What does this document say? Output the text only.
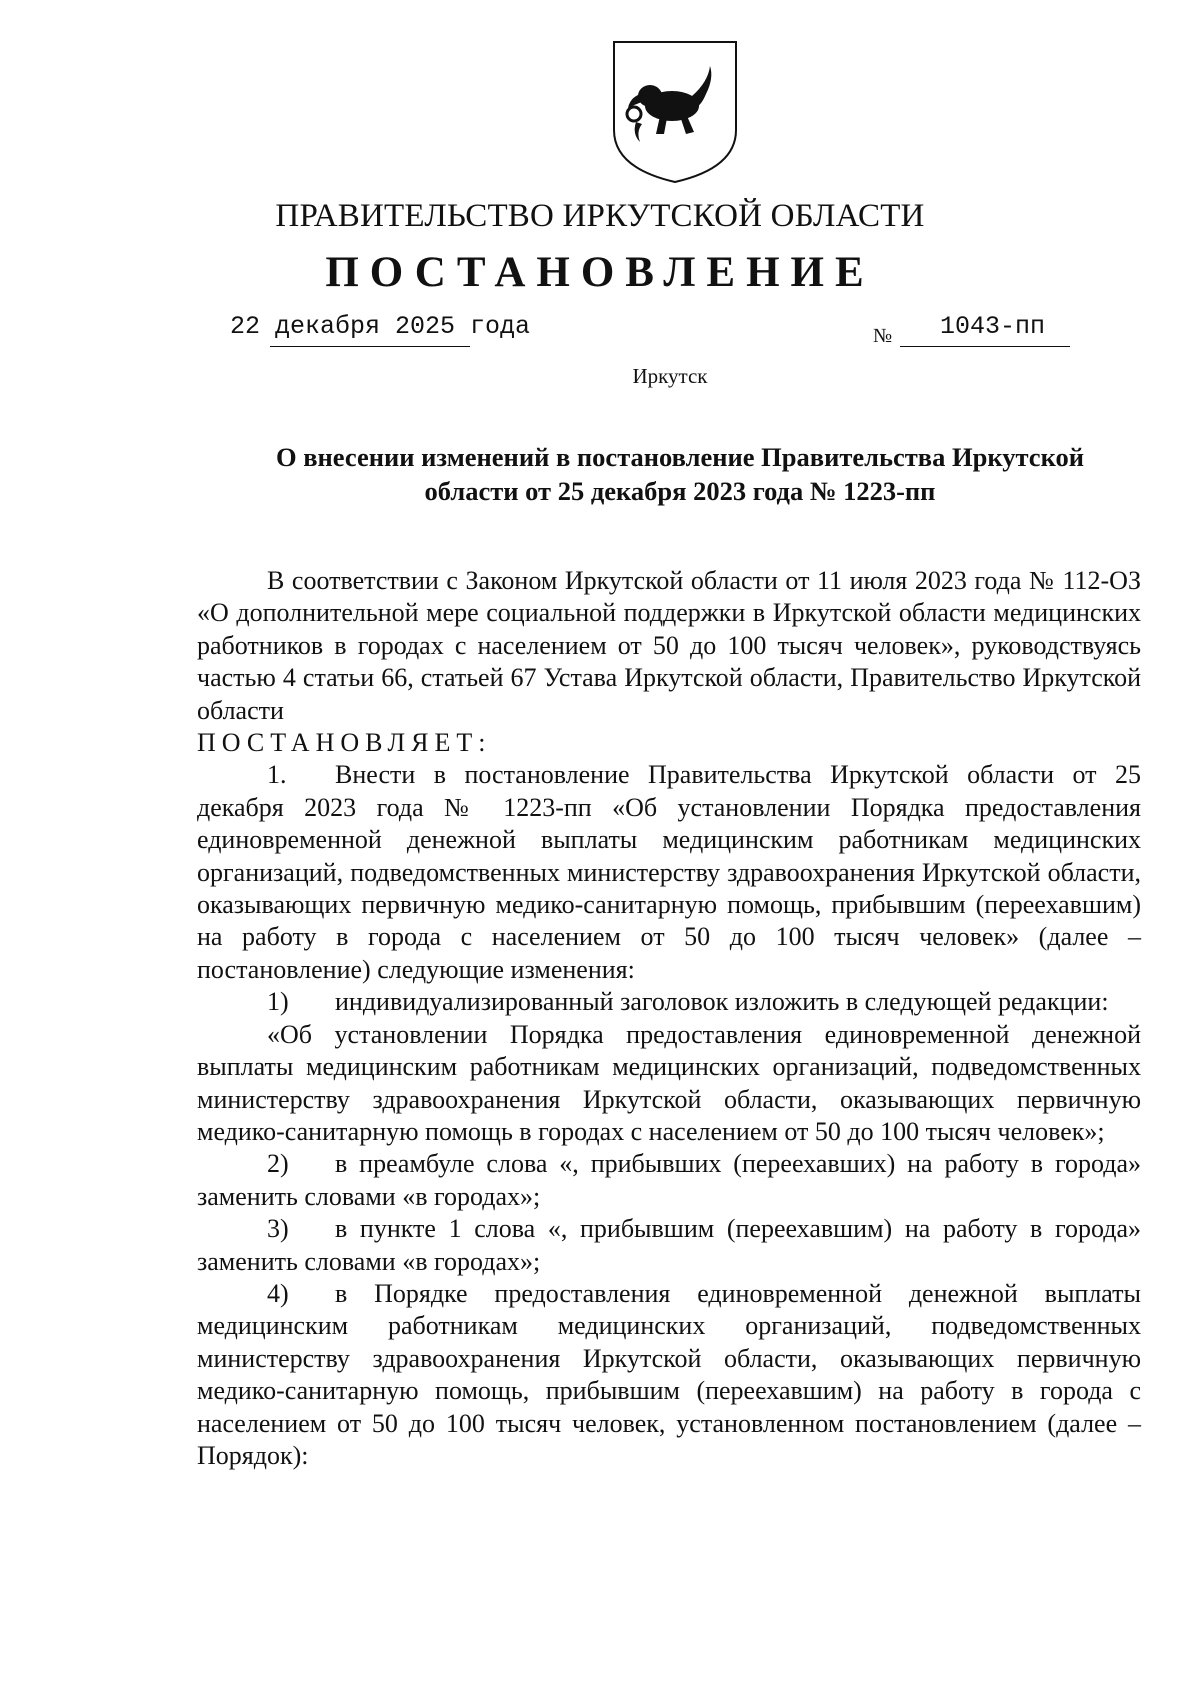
ПРАВИТЕЛЬСТВО ИРКУТСКОЙ ОБЛАСТИ
ПОСТАНОВЛЕНИЕ
22 декабря 2025 года	№ 1043-пп
Иркутск
О внесении изменений в постановление Правительства Иркутской
области от 25 декабря 2023 года № 1223-пп

В соответствии с Законом Иркутской области от 11 июля 2023 года № 112-ОЗ «О дополнительной мере социальной поддержки в Иркутской области медицинских работников в городах с населением от 50 до 100 тысяч человек», руководствуясь частью 4 статьи 66, статьей 67 Устава Иркутской области, Правительство Иркутской области

ПОСТАНОВЛЯЕТ:

1. Внести в постановление Правительства Иркутской области от 25 декабря 2023 года № 1223-пп «Об установлении Порядка предоставления единовременной денежной выплаты медицинским работникам медицинских организаций, подведомственных министерству здравоохранения Иркутской области, оказывающих первичную медико-санитарную помощь, прибывшим (переехавшим) на работу в города с населением от 50 до 100 тысяч человек» (далее – постановление) следующие изменения:

1) индивидуализированный заголовок изложить в следующей редакции:

«Об установлении Порядка предоставления единовременной денежной выплаты медицинским работникам медицинских организаций, подведомственных министерству здравоохранения Иркутской области, оказывающих первичную медико-санитарную помощь в городах с населением от 50 до 100 тысяч человек»;

2) в преамбуле слова «, прибывших (переехавших) на работу в города» заменить словами «в городах»;

3) в пункте 1 слова «, прибывшим (переехавшим) на работу в города» заменить словами «в городах»;

4) в Порядке предоставления единовременной денежной выплаты медицинским работникам медицинских организаций, подведомственных министерству здравоохранения Иркутской области, оказывающих первичную медико-санитарную помощь, прибывшим (переехавшим) на работу в города с населением от 50 до 100 тысяч человек, установленном постановлением (далее – Порядок):
